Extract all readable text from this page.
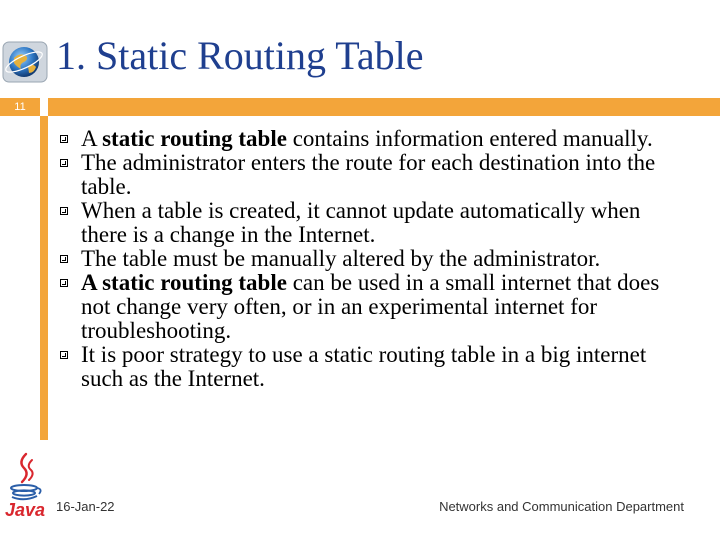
1. Static Routing Table
11
A static routing table contains information entered manually.
The administrator enters the route for each destination into the table.
When a table is created, it cannot update automatically when there is a change in the Internet.
The table must be manually altered by the administrator.
A static routing table can be used in a small internet that does not change very often, or in an experimental internet for troubleshooting.
It is poor strategy to use a static routing table in a big internet such as the Internet.
Java 16-Jan-22	Networks and Communication Department
